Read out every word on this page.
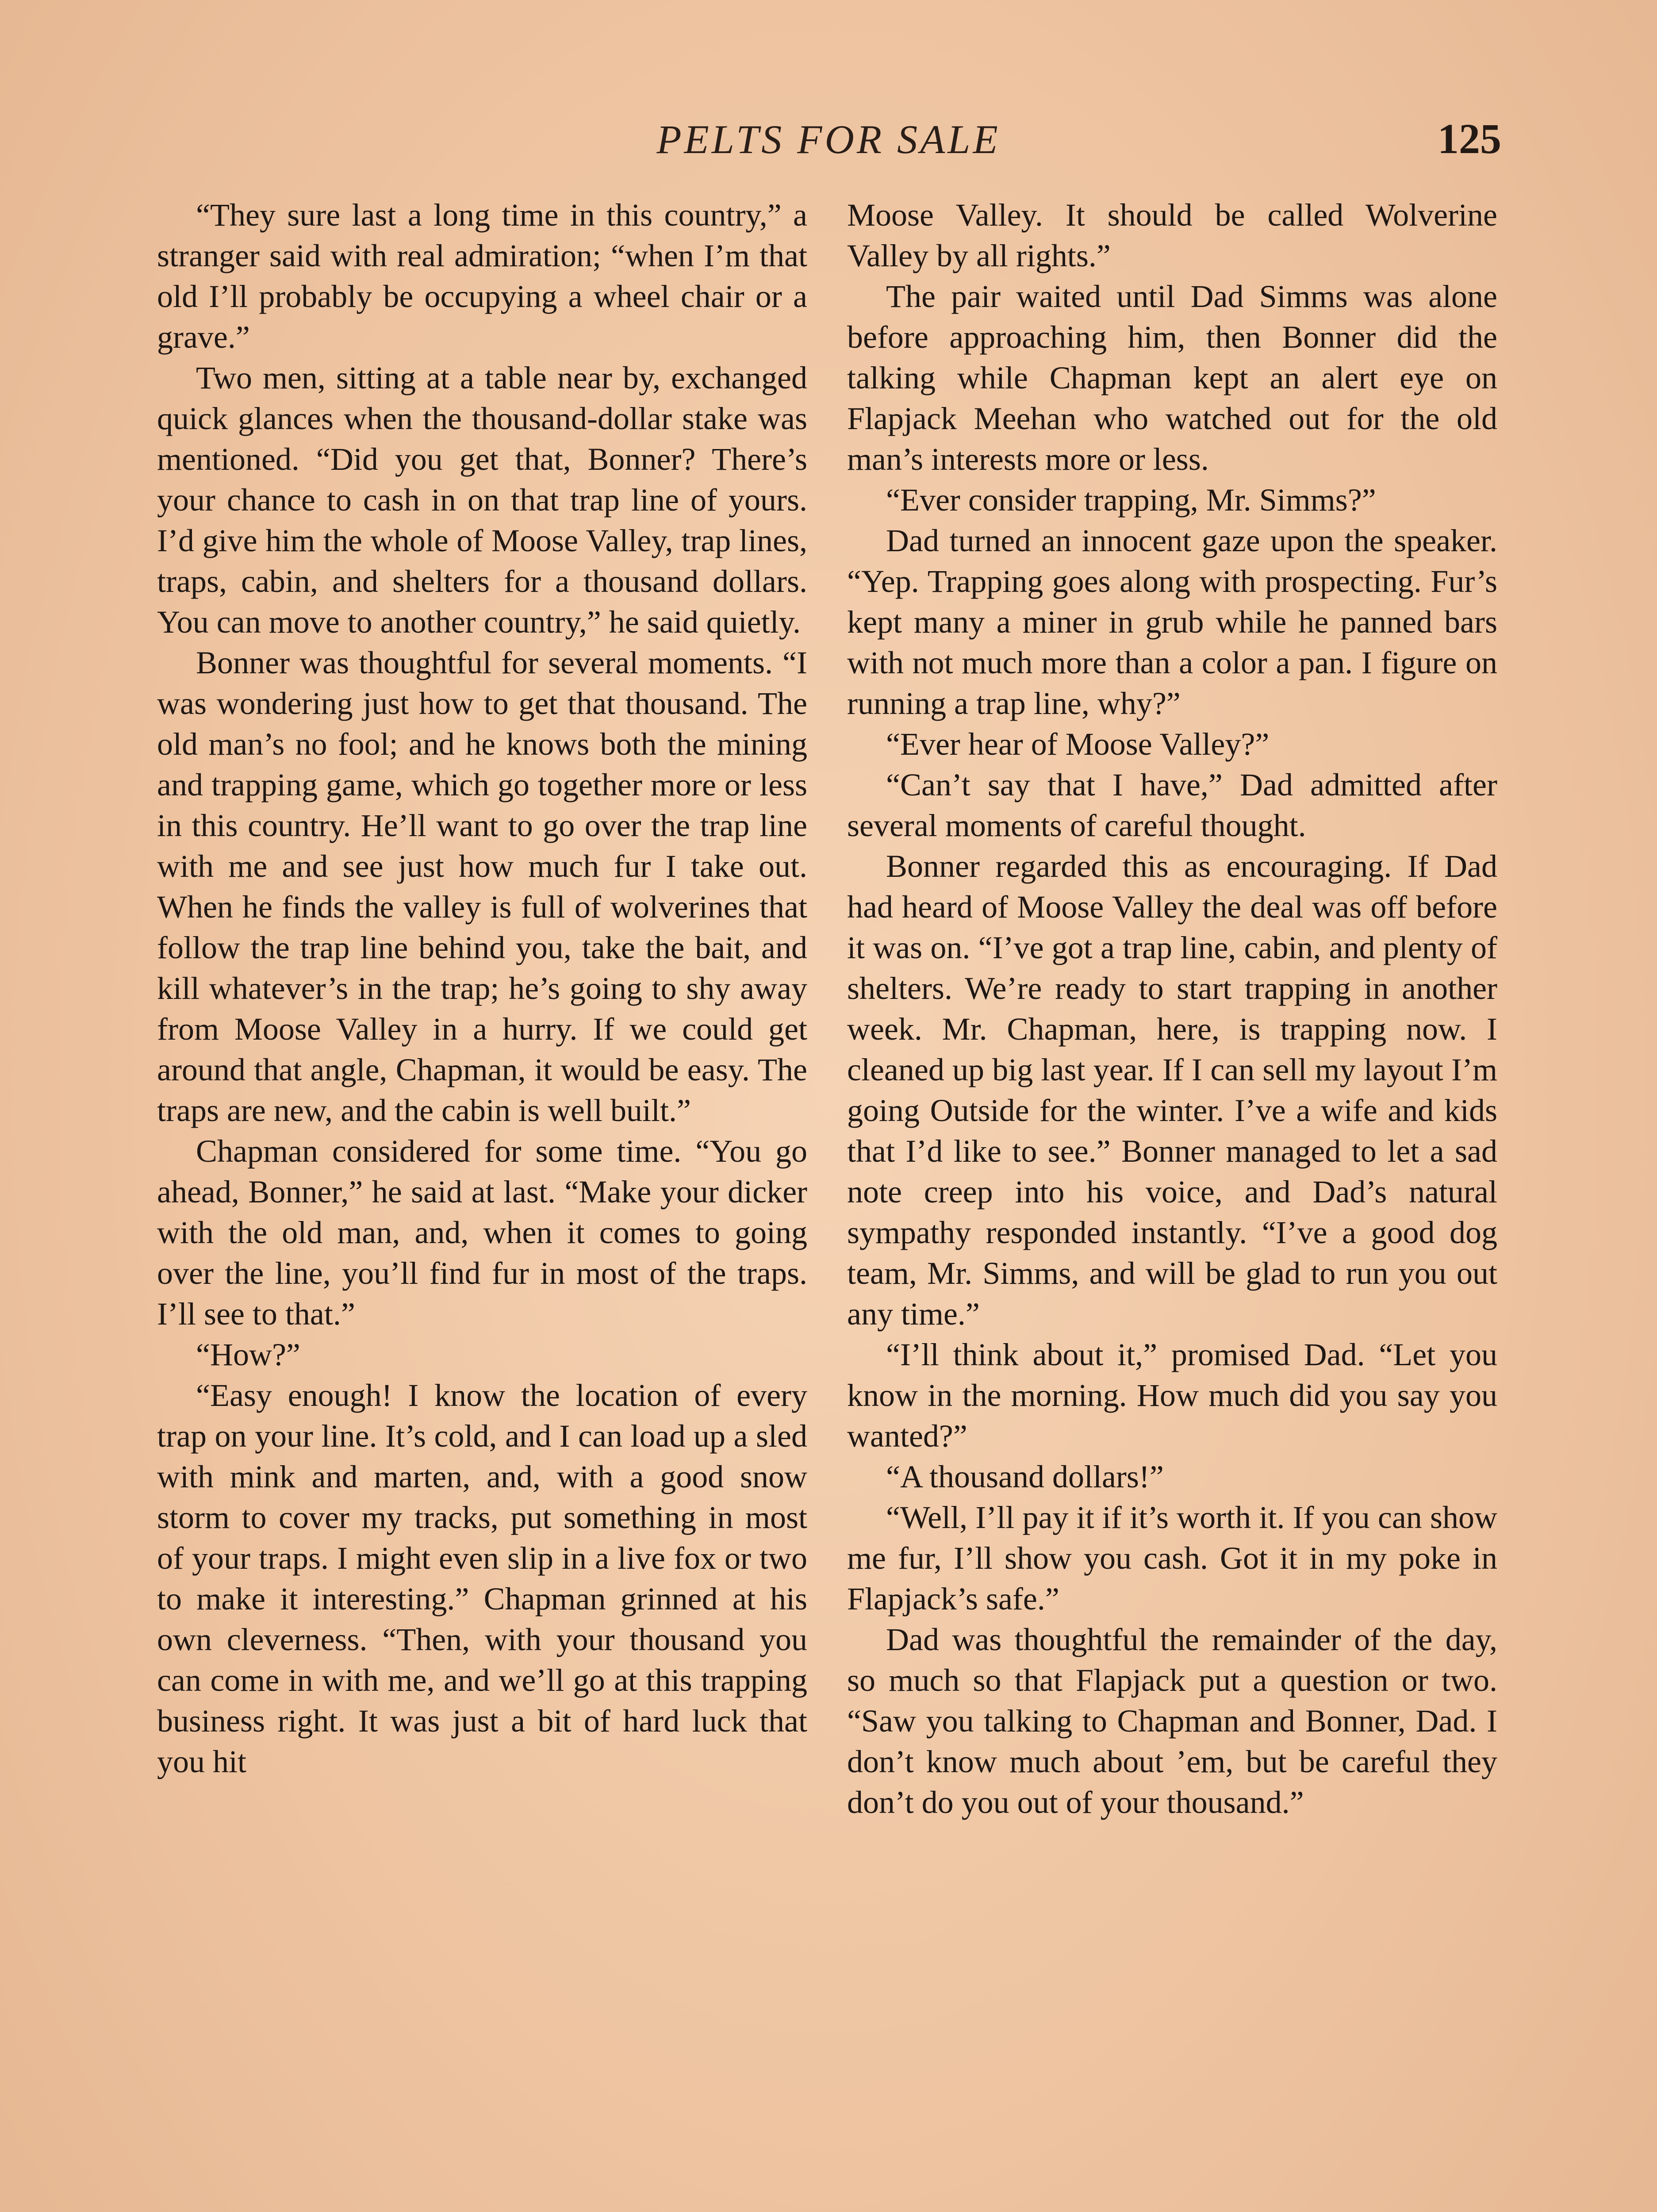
PELTS FOR SALE	125

“They sure last a long time in this country,” a stranger said with real admiration; “when I’m that old I’ll probably be occupying a wheel chair or a grave.”

Two men, sitting at a table near by, exchanged quick glances when the thousand-dollar stake was mentioned. “Did you get that, Bonner? There’s your chance to cash in on that trap line of yours. I’d give him the whole of Moose Valley, trap lines, traps, cabin, and shelters for a thousand dollars. You can move to another country,” he said quietly.

Bonner was thoughtful for several moments. “I was wondering just how to get that thousand. The old man’s no fool; and he knows both the mining and trapping game, which go together more or less in this country. He’ll want to go over the trap line with me and see just how much fur I take out. When he finds the valley is full of wolverines that follow the trap line behind you, take the bait, and kill whatever’s in the trap; he’s going to shy away from Moose Valley in a hurry. If we could get around that angle, Chapman, it would be easy. The traps are new, and the cabin is well built.”

Chapman considered for some time. “You go ahead, Bonner,” he said at last. “Make your dicker with the old man, and, when it comes to going over the line, you’ll find fur in most of the traps. I’ll see to that.”

“How?”

“Easy enough! I know the location of every trap on your line. It’s cold, and I can load up a sled with mink and marten, and, with a good snow storm to cover my tracks, put something in most of your traps. I might even slip in a live fox or two to make it interesting.” Chapman grinned at his own cleverness. “Then, with your thousand you can come in with me, and we’ll go at this trapping business right. It was just a bit of hard luck that you hit

Moose Valley. It should be called Wolverine Valley by all rights.”

The pair waited until Dad Simms was alone before approaching him, then Bonner did the talking while Chapman kept an alert eye on Flapjack Meehan who watched out for the old man’s interests more or less.

“Ever consider trapping, Mr. Simms?”

Dad turned an innocent gaze upon the speaker. “Yep. Trapping goes along with prospecting. Fur’s kept many a miner in grub while he panned bars with not much more than a color a pan. I figure on running a trap line, why?”

“Ever hear of Moose Valley?”

“Can’t say that I have,” Dad admitted after several moments of careful thought.

Bonner regarded this as encouraging. If Dad had heard of Moose Valley the deal was off before it was on. “I’ve got a trap line, cabin, and plenty of shelters. We’re ready to start trapping in another week. Mr. Chapman, here, is trapping now. I cleaned up big last year. If I can sell my layout I’m going Outside for the winter. I’ve a wife and kids that I’d like to see.” Bonner managed to let a sad note creep into his voice, and Dad’s natural sympathy responded instantly. “I’ve a good dog team, Mr. Simms, and will be glad to run you out any time.”

“I’ll think about it,” promised Dad. “Let you know in the morning. How much did you say you wanted?”

“A thousand dollars!”

“Well, I’ll pay it if it’s worth it. If you can show me fur, I’ll show you cash. Got it in my poke in Flapjack’s safe.”

Dad was thoughtful the remainder of the day, so much so that Flapjack put a question or two. “Saw you talking to Chapman and Bonner, Dad. I don’t know much about ’em, but be careful they don’t do you out of your thousand.”
